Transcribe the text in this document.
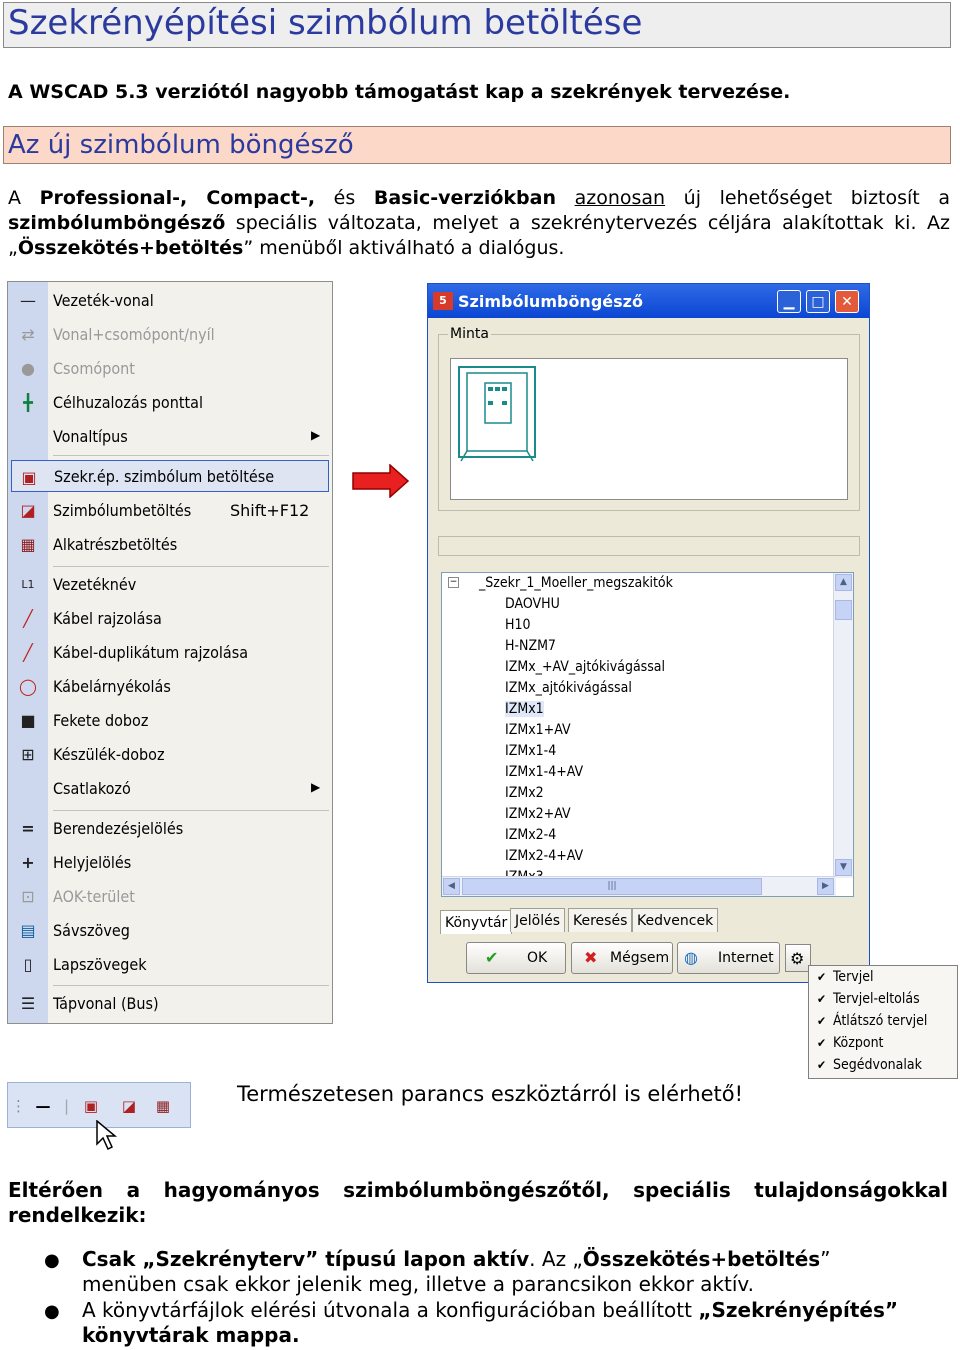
Szekrényépítési szimbólum betöltése
A WSCAD 5.3 verziótól nagyobb támogatást kap a szekrények tervezése.
Az új szimbólum böngésző
A Professional-, Compact-, és Basic-verziókban azonosan új lehetőséget biztosít a szimbólumböngésző speciális változata, melyet a szekrénytervezés céljára alakítottak ki. Az „Összekötés+betöltés” menüből aktiválható a dialógus.
— Vezeték-vonal
⇄ Vonal+csomópont/nyíl
● Csomópont
╋	Célhuzalozás ponttal
Vonaltípus	▶
▣ Szekr.ép. szimbólum betöltése
◪ Szimbólumbetöltés Shift+F12
▦ Alkatrészbetöltés
L1 Vezetéknév
╱	Kábel rajzolása
╱	Kábel-duplikátum rajzolása
◯ Kábelárnyékolás
■ Fekete doboz
⊞ Készülék-doboz
Csatlakozó	▶
= Berendezésjelölés
+ Helyjelölés
⊡ AOK-terület
▤ Sávszöveg
▯	Lapszövegek
☰ Tápvonal (Bus)
5 Szimbólumböngésző	▁	□	✕
Minta
− _Szekr_1_Moeller_megszakitók
DAOVHU
H10
H-NZM7
IZMx_+AV_ajtókivágással
IZMx_ajtókivágással
IZMx1
IZMx1+AV
IZMx1-4
IZMx1-4+AV
IZMx2
IZMx2+AV
IZMx2-4
IZMx2-4+AV
▲
▼
◀	|||	▶
Könyvtár Jelölés Keresés Kedvencek
✔ OK ✖ Mégsem ◍ Internet ⚙
✔ Tervjel
✔ Tervjel-eltolás
✔ Átlátszó tervjel
✔ Központ
✔ Segédvonalak
⋮ — | ▣ ◪ ▦	Természetesen parancs eszköztárról is elérhető!
Eltérően a hagyományos szimbólumböngészőtől, speciális tulajdonságokkal
rendelkezik:
● Csak „Szekrényterv” típusú lapon aktív. Az „Összekötés+betöltés”
menüben csak ekkor jelenik meg, illetve a parancsikon ekkor aktív.
● A könyvtárfájlok elérési útvonala a konfigurációban beállított „Szekrényépítés”
könyvtárak mappa.
